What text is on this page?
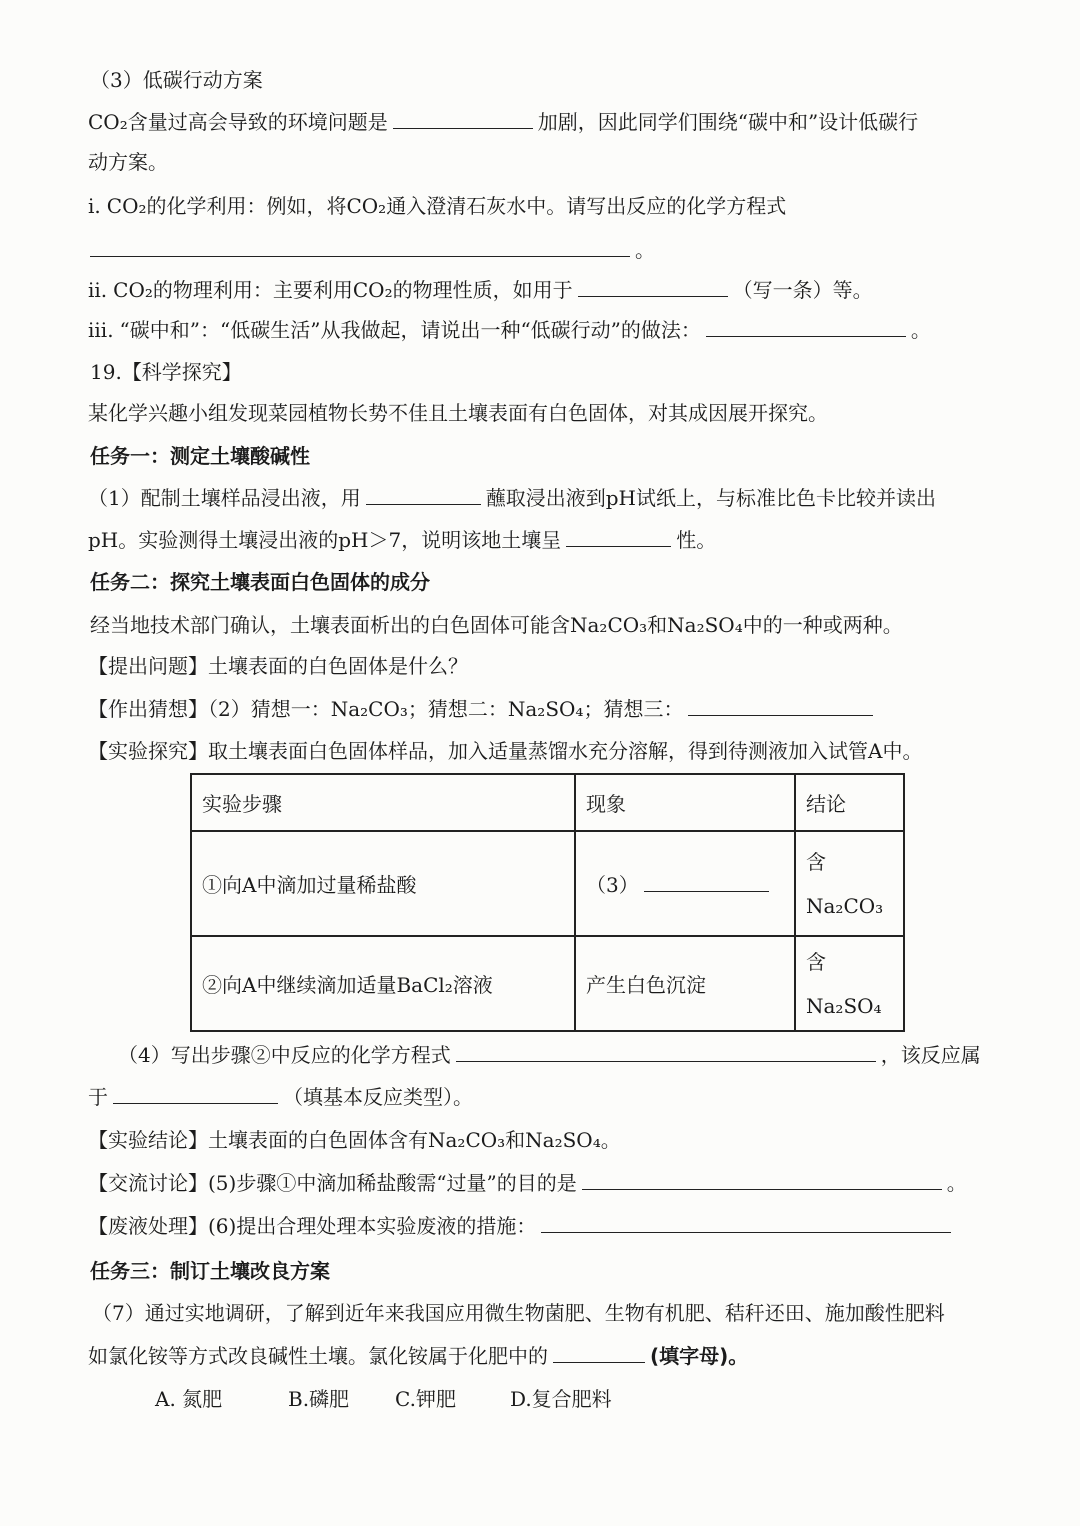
（3）低碳行动方案
CO₂含量过高会导致的环境问题是	加剧，因此同学们围绕“碳中和”设计低碳行
动方案。
i. CO₂的化学利用：例如，将CO₂通入澄清石灰水中。请写出反应的化学方程式
。
ii. CO₂的物理利用：主要利用CO₂的物理性质，如用于	（写一条）等。
iii. “碳中和”：“低碳生活”从我做起，请说出一种“低碳行动”的做法：	。
19.【科学探究】
某化学兴趣小组发现菜园植物长势不佳且土壤表面有白色固体，对其成因展开探究。
任务一：测定土壤酸碱性
（1）配制土壤样品浸出液，用	蘸取浸出液到pH试纸上，与标准比色卡比较并读出
pH。实验测得土壤浸出液的pH＞7，说明该地土壤呈	性。
任务二：探究土壤表面白色固体的成分
经当地技术部门确认，土壤表面析出的白色固体可能含Na₂CO₃和Na₂SO₄中的一种或两种。
【提出问题】土壤表面的白色固体是什么？
【作出猜想】（2）猜想一：Na₂CO₃；猜想二：Na₂SO₄；猜想三：
【实验探究】取土壤表面白色固体样品，加入适量蒸馏水充分溶解，得到待测液加入试管A中。
实验步骤	现象	结论
①向A中滴加过量稀盐酸	（3）	含
Na₂CO₃

②向A中继续滴加适量BaCl₂溶液	产生白色沉淀	含
Na₂SO₄
（4）写出步骤②中反应的化学方程式	，该反应属
于	（填基本反应类型）。
【实验结论】土壤表面的白色固体含有Na₂CO₃和Na₂SO₄。
【交流讨论】(5)步骤①中滴加稀盐酸需“过量”的目的是	。
【废液处理】(6)提出合理处理本实验废液的措施：
任务三：制订土壤改良方案
（7）通过实地调研，了解到近年来我国应用微生物菌肥、生物有机肥、秸秆还田、施加酸性肥料
如氯化铵等方式改良碱性土壤。氯化铵属于化肥中的	(填字母)。
A. 氮肥	B.磷肥 C.钾肥	D.复合肥料
